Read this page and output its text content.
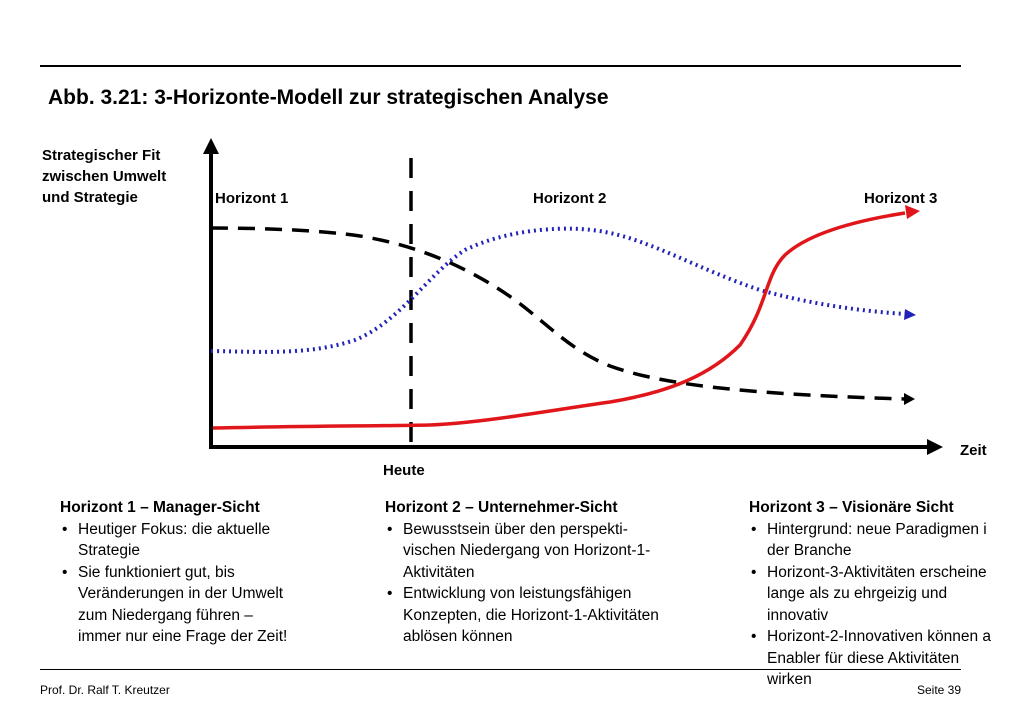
Abb. 3.21: 3-Horizonte-Modell zur strategischen Analyse
Strategischer Fit
zwischen Umwelt
und Strategie	Horizont 1	Horizont 2	Horizont 3
Zeit
Heute
Horizont 1 – Manager-Sicht
• Heutiger Fokus: die aktuelle
Strategie
• Sie funktioniert gut, bis
Veränderungen in der Umwelt
zum Niedergang führen –
immer nur eine Frage der Zeit!
Horizont 2 – Unternehmer-Sicht
• Bewusstsein über den perspekti-
vischen Niedergang von Horizont-1-
Aktivitäten
• Entwicklung von leistungsfähigen
Konzepten, die Horizont-1-Aktivitäten
ablösen können
Horizont 3 – Visionäre Sicht
• Hintergrund: neue Paradigmen i
der Branche
• Horizont-3-Aktivitäten erscheine
lange als zu ehrgeizig und
innovativ
• Horizont-2-Innovativen können a
Enabler für diese Aktivitäten
wirken
Prof. Dr. Ralf T. Kreutzer	Seite 39
